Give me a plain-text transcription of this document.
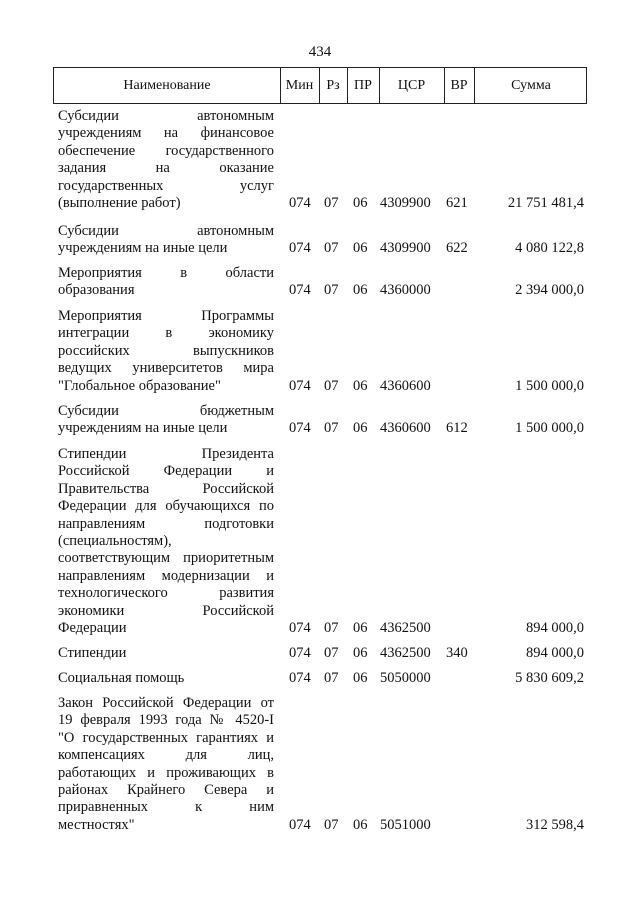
434
Наименование	Мин Рз	ПР	ЦСР	ВР	Сумма
Субсидии автономным
учреждениям на финансовое
обеспечение государственного
задания на оказание
государственных услуг
(выполнение работ)	074 07 06 4309900 621	21 751 481,4
Субсидии автономным
учреждениям на иные цели	074 07 06 4309900 622	4 080 122,8
Мероприятия в области
образования	074 07 06 4360000	2 394 000,0
Мероприятия Программы
интеграции в экономику
российских выпускников
ведущих университетов мира
"Глобальное образование"	074 07 06 4360600	1 500 000,0
Субсидии бюджетным
учреждениям на иные цели	074 07 06 4360600 612	1 500 000,0
Стипендии Президента
Российской Федерации и
Правительства Российской
Федерации для обучающихся по
направлениям подготовки
(специальностям),
соответствующим приоритетным
направлениям модернизации и
технологического развития
экономики Российской
Федерации	074 07 06 4362500	894 000,0
Стипендии	074 07 06 4362500 340	894 000,0
Социальная помощь	074 07 06 5050000	5 830 609,2
Закон Российской Федерации от
19 февраля 1993 года № 4520-I
"О государственных гарантиях и
компенсациях для лиц,
работающих и проживающих в
районах Крайнего Севера и
приравненных к ним
местностях"	074 07 06 5051000	312 598,4
